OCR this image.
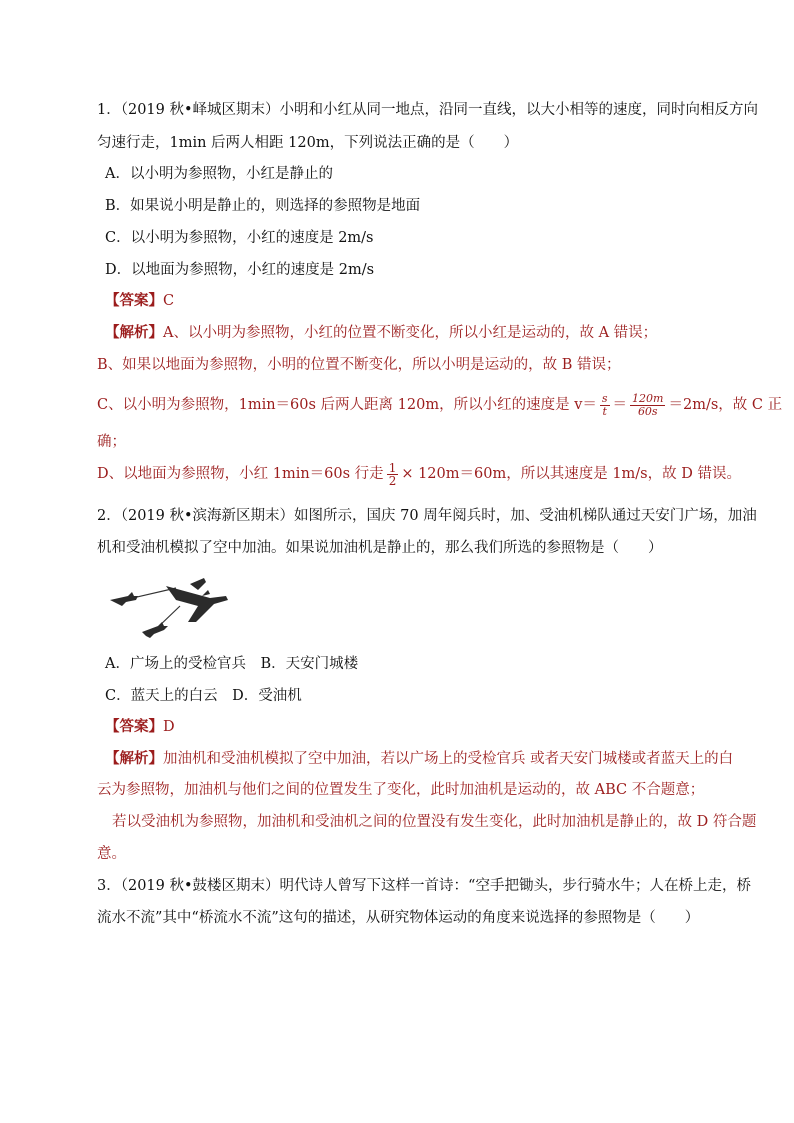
1．（2019 秋•峄城区期末）小明和小红从同一地点，沿同一直线，以大小相等的速度，同时向相反方向
匀速行走，1min 后两人相距 120m，下列说法正确的是（　　）
A．以小明为参照物，小红是静止的
B．如果说小明是静止的，则选择的参照物是地面
C．以小明为参照物，小红的速度是 2m/s
D．以地面为参照物，小红的速度是 2m/s
【答案】C
【解析】A、以小明为参照物，小红的位置不断变化，所以小红是运动的，故 A 错误；
B、如果以地面为参照物，小明的位置不断变化，所以小明是运动的，故 B 错误；
C、以小明为参照物，1min＝60s 后两人距离 120m，所以小红的速度是 $v= \frac{s}{t} = \frac{120m}{60s} =2m/s$，故 C 正
确；
D、以地面为参照物，小红 1min＝60s 行走 $\frac{1}{2} \times 120m=60m$，所以其速度是 1m/s，故 D 错误。
2．（2019 秋•滨海新区期末）如图所示，国庆 70 周年阅兵时，加、受油机梯队通过天安门广场，加油
机和受油机模拟了空中加油。如果说加油机是静止的，那么我们所选的参照物是（　　）
A．广场上的受检官兵　B．天安门城楼
C．蓝天上的白云　D．受油机
【答案】D
【解析】加油机和受油机模拟了空中加油，若以广场上的受检官兵 或者天安门城楼或者蓝天上的白
云为参照物，加油机与他们之间的位置发生了变化，此时加油机是运动的，故 ABC 不合题意；
若以受油机为参照物，加油机和受油机之间的位置没有发生变化，此时加油机是静止的，故 D 符合题
意。
3．（2019 秋•鼓楼区期末）明代诗人曾写下这样一首诗：“空手把锄头，步行骑水牛；人在桥上走，桥
流水不流”其中“桥流水不流”这句的描述，从研究物体运动的角度来说选择的参照物是（　　）
